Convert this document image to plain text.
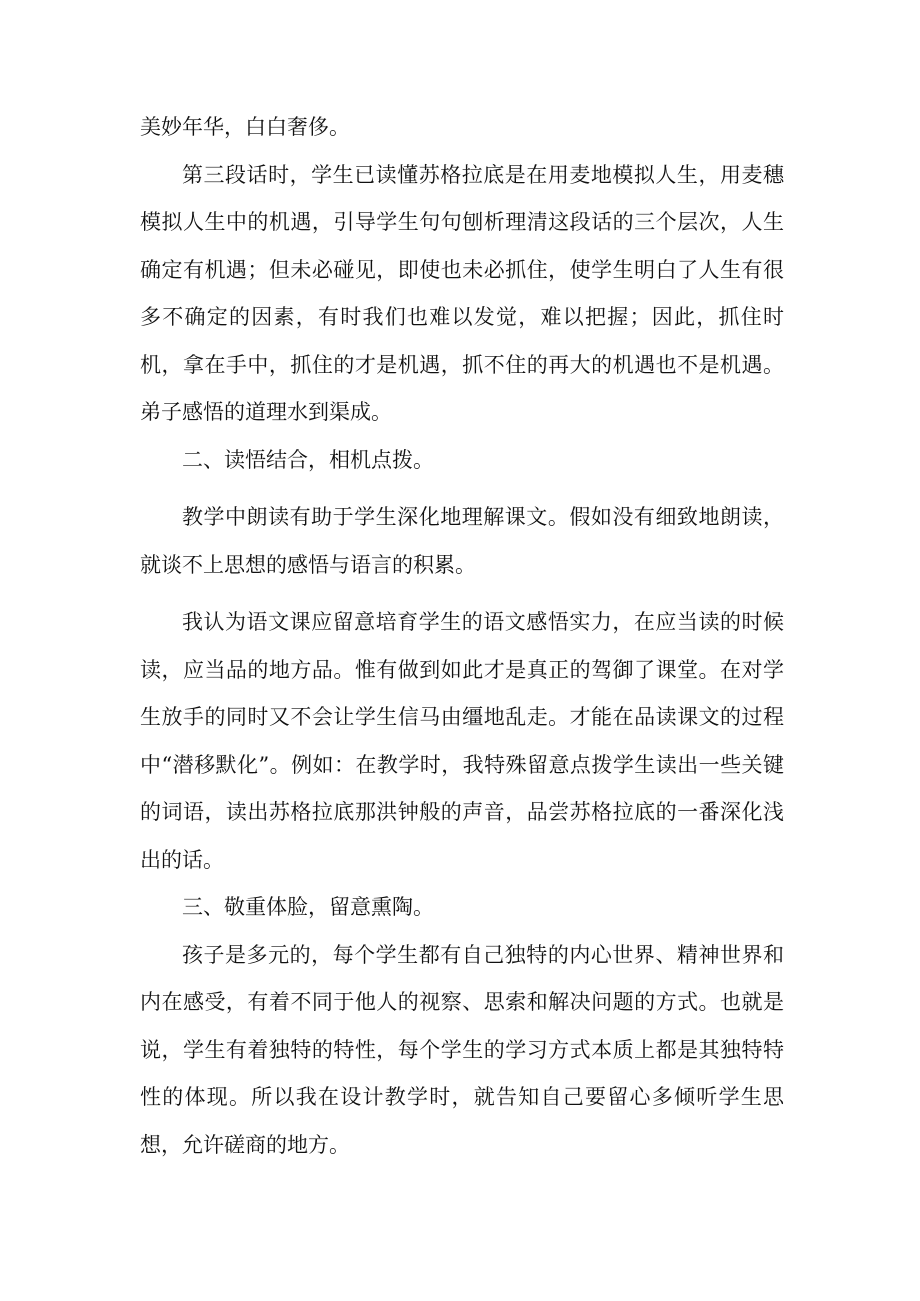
美妙年华，白白奢侈。

第三段话时，学生已读懂苏格拉底是在用麦地模拟人生，用麦穗模拟人生中的机遇，引导学生句句刨析理清这段话的三个层次，人生确定有机遇；但未必碰见，即使也未必抓住，使学生明白了人生有很多不确定的因素，有时我们也难以发觉，难以把握；因此，抓住时机，拿在手中，抓住的才是机遇，抓不住的再大的机遇也不是机遇。弟子感悟的道理水到渠成。

二、读悟结合，相机点拨。

教学中朗读有助于学生深化地理解课文。假如没有细致地朗读，就谈不上思想的感悟与语言的积累。

我认为语文课应留意培育学生的语文感悟实力，在应当读的时候读，应当品的地方品。惟有做到如此才是真正的驾御了课堂。在对学生放手的同时又不会让学生信马由缰地乱走。才能在品读课文的过程中“潜移默化”。例如：在教学时，我特殊留意点拨学生读出一些关键的词语，读出苏格拉底那洪钟般的声音，品尝苏格拉底的一番深化浅出的话。

三、敬重体脸，留意熏陶。

孩子是多元的，每个学生都有自己独特的内心世界、精神世界和内在感受，有着不同于他人的视察、思索和解决问题的方式。也就是说，学生有着独特的特性，每个学生的学习方式本质上都是其独特特性的体现。所以我在设计教学时，就告知自己要留心多倾听学生思想，允许磋商的地方。
